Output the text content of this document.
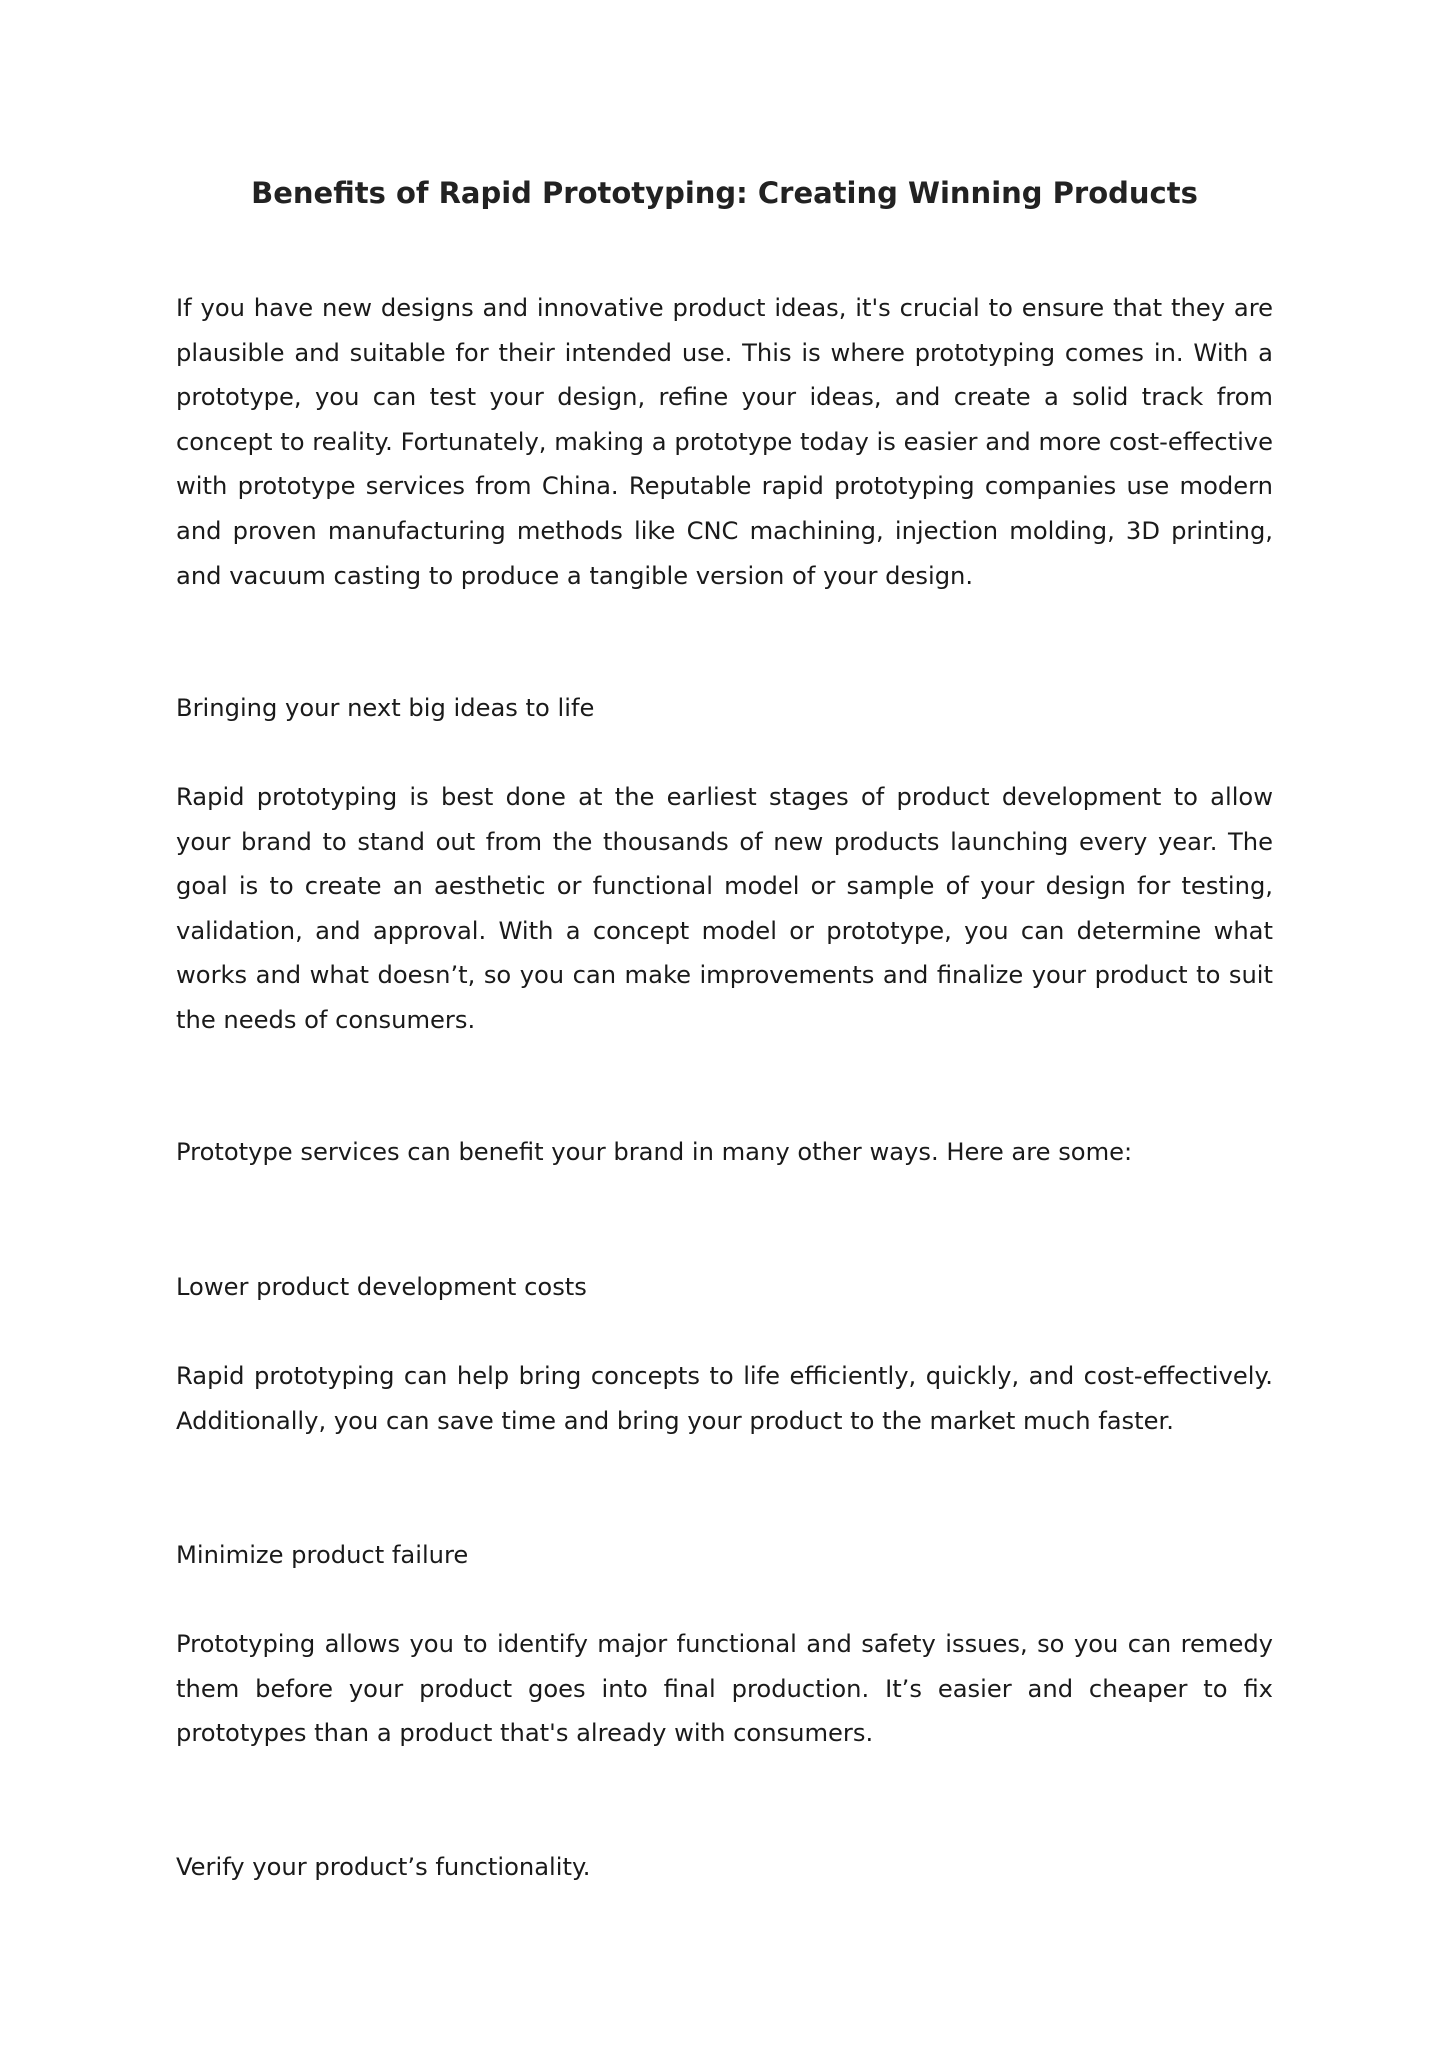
Benefits of Rapid Prototyping: Creating Winning Products

If you have new designs and innovative product ideas, it's crucial to ensure that they are plausible and suitable for their intended use. This is where prototyping comes in. With a prototype, you can test your design, refine your ideas, and create a solid track from concept to reality. Fortunately, making a prototype today is easier and more cost-effective with prototype services from China. Reputable rapid prototyping companies use modern and proven manufacturing methods like CNC machining, injection molding, 3D printing, and vacuum casting to produce a tangible version of your design.

Bringing your next big ideas to life

Rapid prototyping is best done at the earliest stages of product development to allow your brand to stand out from the thousands of new products launching every year. The goal is to create an aesthetic or functional model or sample of your design for testing, validation, and approval. With a concept model or prototype, you can determine what works and what doesn’t, so you can make improvements and finalize your product to suit the needs of consumers.

Prototype services can benefit your brand in many other ways. Here are some:

Lower product development costs

Rapid prototyping can help bring concepts to life efficiently, quickly, and cost-effectively. Additionally, you can save time and bring your product to the market much faster.

Minimize product failure

Prototyping allows you to identify major functional and safety issues, so you can remedy them before your product goes into final production. It’s easier and cheaper to fix prototypes than a product that's already with consumers.

Verify your product’s functionality.
